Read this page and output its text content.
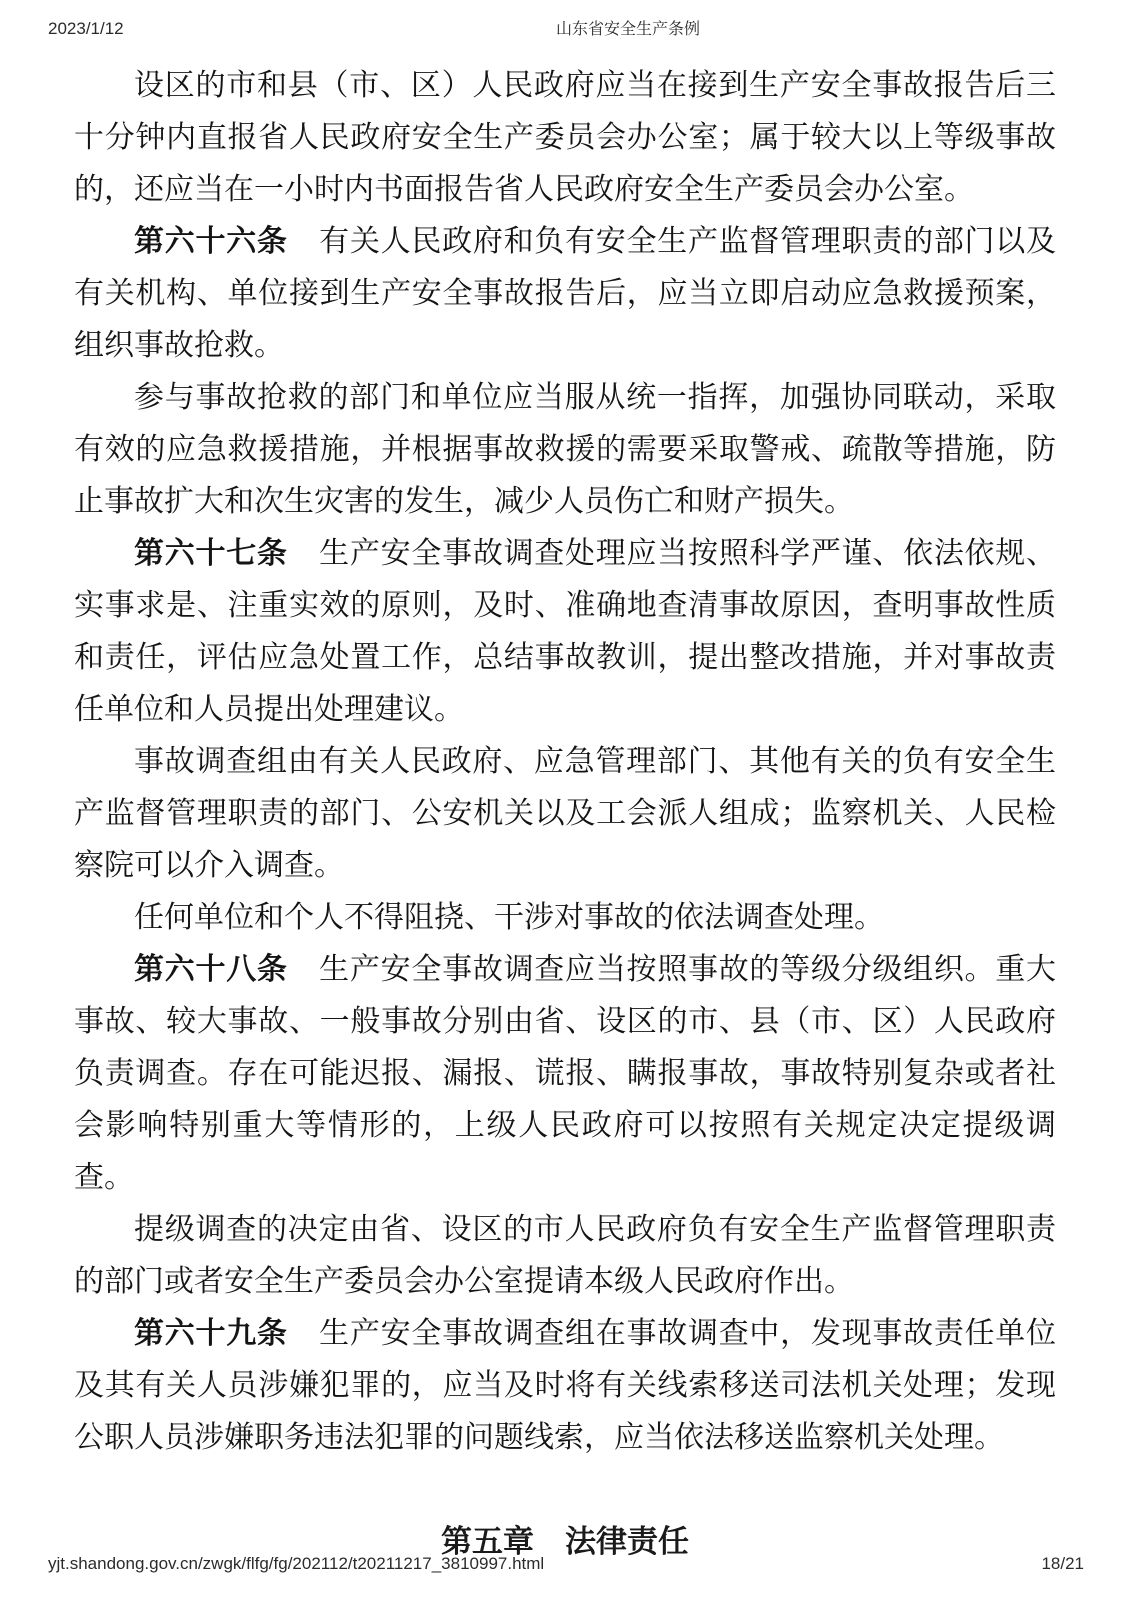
2023/1/12	山东省安全生产条例

设区的市和县（市、区）人民政府应当在接到生产安全事故报告后三十分钟内直报省人民政府安全生产委员会办公室；属于较大以上等级事故的，还应当在一小时内书面报告省人民政府安全生产委员会办公室。

第六十六条 有关人民政府和负有安全生产监督管理职责的部门以及有关机构、单位接到生产安全事故报告后，应当立即启动应急救援预案，组织事故抢救。

参与事故抢救的部门和单位应当服从统一指挥，加强协同联动，采取有效的应急救援措施，并根据事故救援的需要采取警戒、疏散等措施，防止事故扩大和次生灾害的发生，减少人员伤亡和财产损失。

第六十七条 生产安全事故调查处理应当按照科学严谨、依法依规、实事求是、注重实效的原则，及时、准确地查清事故原因，查明事故性质和责任，评估应急处置工作，总结事故教训，提出整改措施，并对事故责任单位和人员提出处理建议。

事故调查组由有关人民政府、应急管理部门、其他有关的负有安全生产监督管理职责的部门、公安机关以及工会派人组成；监察机关、人民检察院可以介入调查。

任何单位和个人不得阻挠、干涉对事故的依法调查处理。

第六十八条 生产安全事故调查应当按照事故的等级分级组织。重大事故、较大事故、一般事故分别由省、设区的市、县（市、区）人民政府负责调查。存在可能迟报、漏报、谎报、瞒报事故，事故特别复杂或者社会影响特别重大等情形的，上级人民政府可以按照有关规定决定提级调查。

提级调查的决定由省、设区的市人民政府负有安全生产监督管理职责的部门或者安全生产委员会办公室提请本级人民政府作出。

第六十九条 生产安全事故调查组在事故调查中，发现事故责任单位及其有关人员涉嫌犯罪的，应当及时将有关线索移送司法机关处理；发现公职人员涉嫌职务违法犯罪的问题线索，应当依法移送监察机关处理。

第五章　法律责任
yjt.shandong.gov.cn/zwgk/flfg/fg/202112/t20211217_3810997.html	18/21
